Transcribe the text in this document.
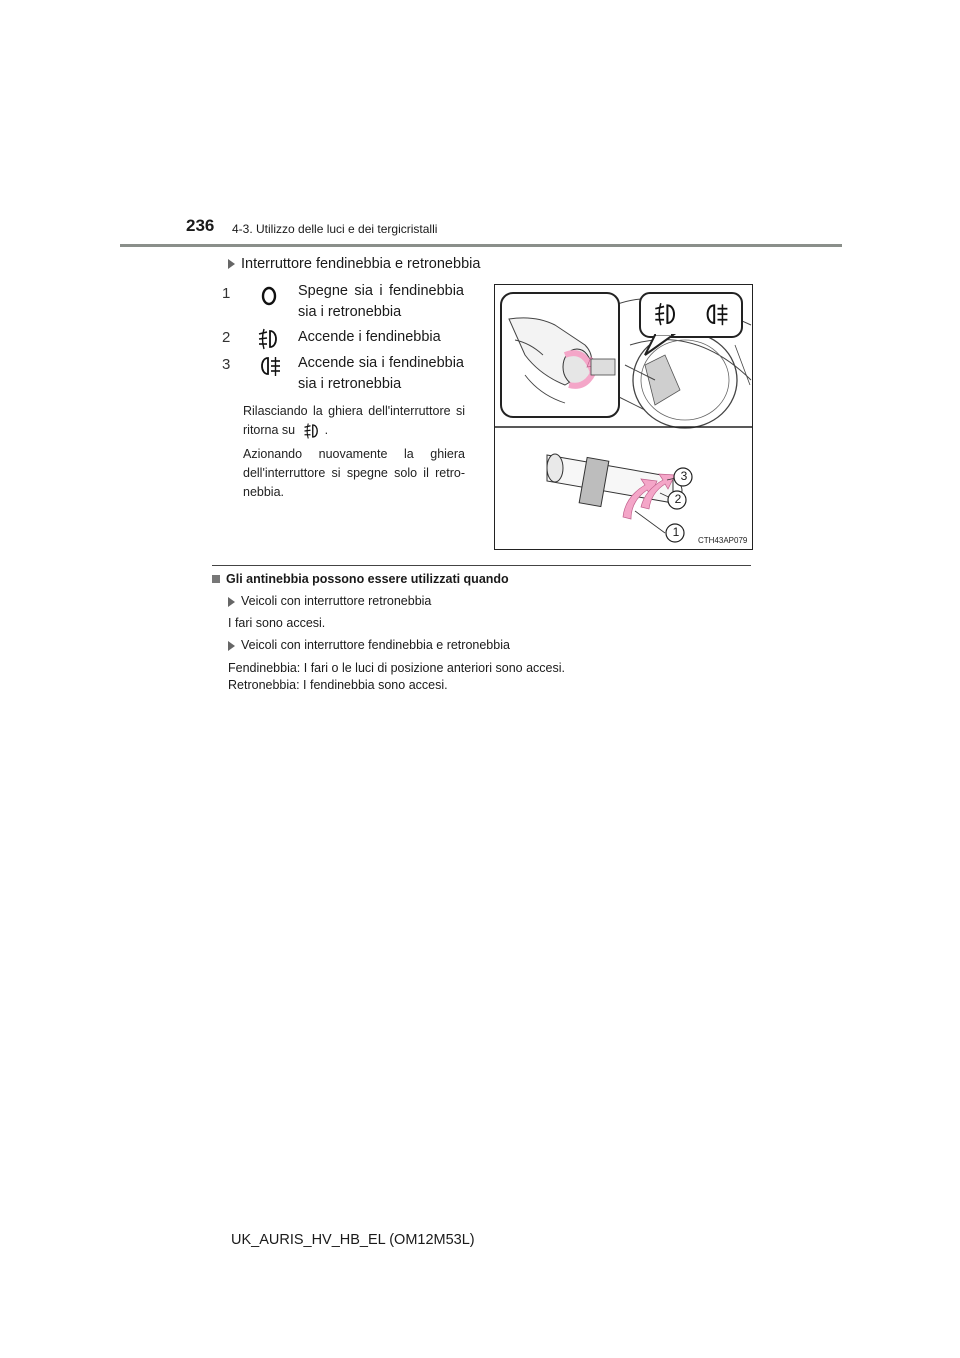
236 4-3. Utilizzo delle luci e dei tergicristalli
Interruttore fendinebbia e retronebbia
1	Spegne sia i fendinebbia
sia i retronebbia
2	Accende i fendinebbia
3	Accende sia i fendinebbia
sia i retronebbia
Rilasciando la ghiera dell'interruttore si
ritorna su .
Azionando nuovamente la ghiera
dell'interruttore si spegne solo il retro-
nebbia.
1
2
3
CTH43AP079
Gli antinebbia possono essere utilizzati quando
Veicoli con interruttore retronebbia
I fari sono accesi.
Veicoli con interruttore fendinebbia e retronebbia
Fendinebbia: I fari o le luci di posizione anteriori sono accesi.
Retronebbia: I fendinebbia sono accesi.
UK_AURIS_HV_HB_EL (OM12M53L)
